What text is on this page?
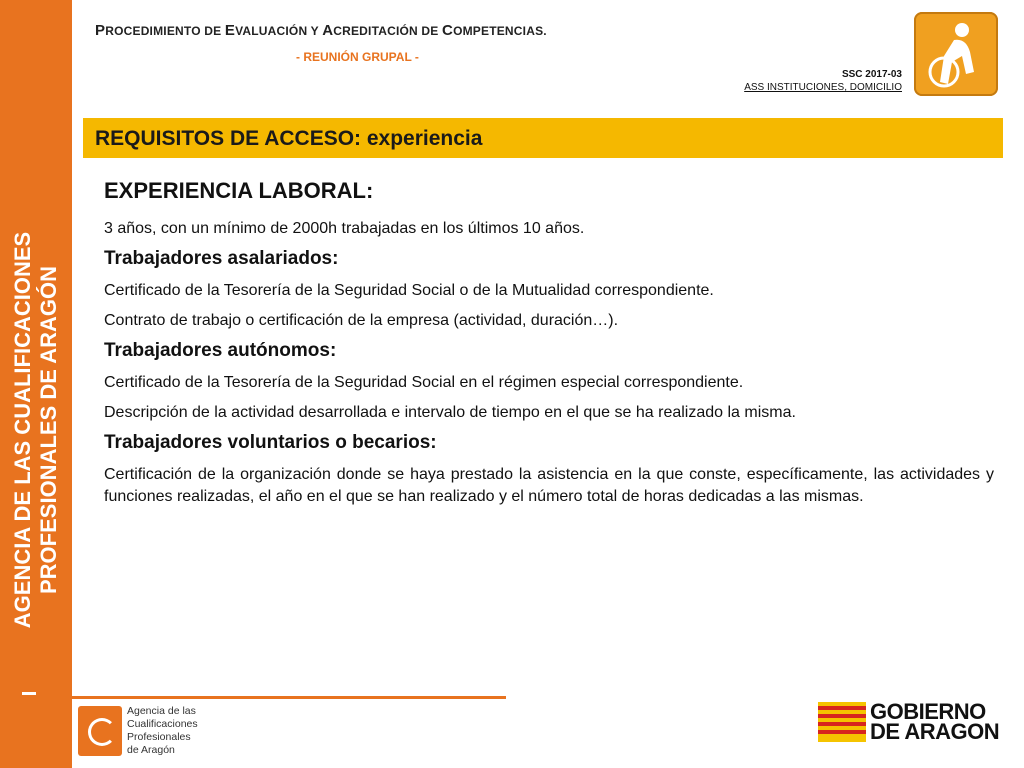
AGENCIA DE LAS CUALIFICACIONES PROFESIONALES DE ARAGÓN
PROCEDIMIENTO DE EVALUACIÓN Y ACREDITACIÓN DE COMPETENCIAS.
- REUNIÓN GRUPAL -
SSC 2017-03
ASS INSTITUCIONES, DOMICILIO
REQUISITOS DE ACCESO: experiencia
EXPERIENCIA LABORAL:
3 años, con un mínimo de 2000h trabajadas en los últimos 10 años.
Trabajadores asalariados:
Certificado de la Tesorería de la Seguridad Social o de la Mutualidad correspondiente.
Contrato de trabajo o certificación de la empresa (actividad, duración…).
Trabajadores autónomos:
Certificado de la Tesorería de la Seguridad Social en el régimen especial correspondiente.
Descripción de la actividad desarrollada e intervalo de tiempo en el que se ha realizado la misma.
Trabajadores voluntarios o becarios:
Certificación de la organización donde se haya prestado la asistencia en la que conste, específicamente, las actividades y funciones realizadas, el año en el que se han realizado y el número total de horas dedicadas a las mismas.
Agencia de las
Cualificaciones
Profesionales
de Aragón
GOBIERNO
DE ARAGON
